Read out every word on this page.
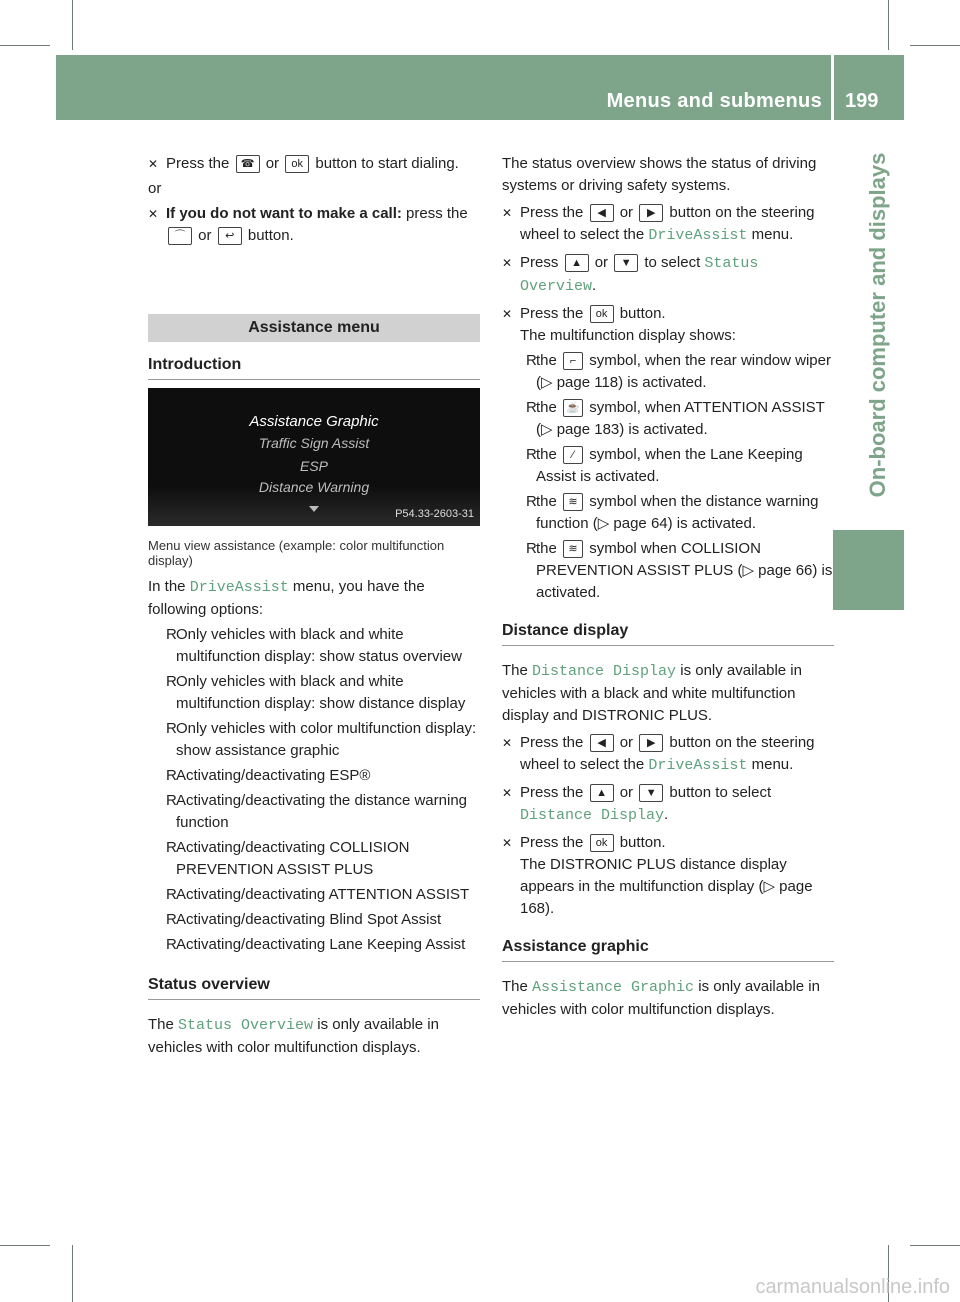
Menus and submenus 199
On-board computer and displays

✕ Press the ☎ or ok button to start dialing.

or

✕ If you do not want to make a call: press the ⌒ or ↩ button.

Assistance menu
Introduction
Assistance Graphic
Traffic Sign Assist
ESP
Distance Warning
P54.33-2603-31

Menu view assistance (example: color multifunction display)

In the DriveAssist menu, you have the following options:

R Only vehicles with black and white multifunction display: show status overview

R Only vehicles with black and white multifunction display: show distance display

R Only vehicles with color multifunction display: show assistance graphic

R Activating/deactivating ESP®

R Activating/deactivating the distance warning function

R Activating/deactivating COLLISION PREVENTION ASSIST PLUS

R Activating/deactivating ATTENTION ASSIST

R Activating/deactivating Blind Spot Assist

R Activating/deactivating Lane Keeping Assist

Status overview

The Status Overview is only available in vehicles with color multifunction displays.

The status overview shows the status of driving systems or driving safety systems.

✕ Press the ◀ or ▶ button on the steering wheel to select the DriveAssist menu.

✕ Press ▲ or ▼ to select Status Overview.

✕ Press the ok button.
The multifunction display shows:

R the ⌐ symbol, when the rear window wiper (▷ page 118) is activated.

R the ☕ symbol, when ATTENTION ASSIST (▷ page 183) is activated.

R the ⁄ symbol, when the Lane Keeping Assist is activated.

R the ≋ symbol when the distance warning function (▷ page 64) is activated.

R the ≋ symbol when COLLISION PREVENTION ASSIST PLUS (▷ page 66) is activated.

Distance display

The Distance Display is only available in vehicles with a black and white multifunction display and DISTRONIC PLUS.

✕ Press the ◀ or ▶ button on the steering wheel to select the DriveAssist menu.

✕ Press the ▲ or ▼ button to select Distance Display.

✕ Press the ok button.
The DISTRONIC PLUS distance display appears in the multifunction display (▷ page 168).

Assistance graphic

The Assistance Graphic is only available in vehicles with color multifunction displays.

carmanualsonline.info
